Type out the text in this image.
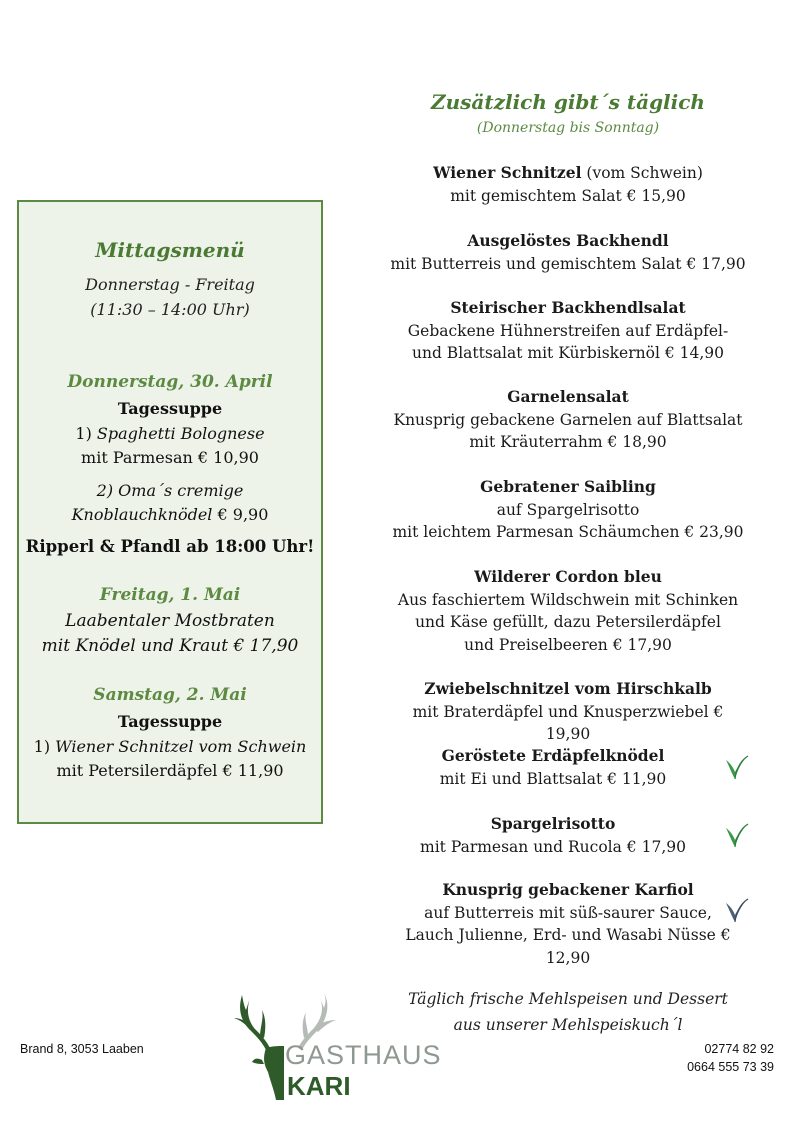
Mittagsmenü
Donnerstag - Freitag
(11:30 – 14:00 Uhr)
Donnerstag, 30. April
Tagessuppe
1) Spaghetti Bolognese
mit Parmesan € 10,90
2) Oma´s cremige
Knoblauchknödel € 9,90
Ripperl & Pfandl ab 18:00 Uhr!
Freitag, 1. Mai
Laabentaler Mostbraten
mit Knödel und Kraut € 17,90
Samstag, 2. Mai
Tagessuppe
1) Wiener Schnitzel vom Schwein
mit Petersilerdäpfel € 11,90
Zusätzlich gibt´s täglich
(Donnerstag bis Sonntag)
Wiener Schnitzel (vom Schwein)
mit gemischtem Salat € 15,90
Ausgelöstes Backhendl
mit Butterreis und gemischtem Salat € 17,90
Steirischer Backhendlsalat
Gebackene Hühnerstreifen auf Erdäpfel-
und Blattsalat mit Kürbiskernöl € 14,90
Garnelensalat
Knusprig gebackene Garnelen auf Blattsalat
mit Kräuterrahm € 18,90
Gebratener Saibling
auf Spargelrisotto
mit leichtem Parmesan Schäumchen € 23,90
Wilderer Cordon bleu
Aus faschiertem Wildschwein mit Schinken
und Käse gefüllt, dazu Petersilerdäpfel
und Preiselbeeren € 17,90
Zwiebelschnitzel vom Hirschkalb
mit Braterdäpfel und Knusperzwiebel € 19,90
Geröstete Erdäpfelknödel
mit Ei und Blattsalat € 11,90
Spargelrisotto
mit Parmesan und Rucola € 17,90
Knusprig gebackener Karfiol
auf Butterreis mit süß-saurer Sauce,
Lauch Julienne, Erd- und Wasabi Nüsse € 12,90
Täglich frische Mehlspeisen und Dessert
aus unserer Mehlspeiskuch´l
Brand 8, 3053 Laaben	02774 82 92
0664 555 73 39
GASTHAUS
KARI
